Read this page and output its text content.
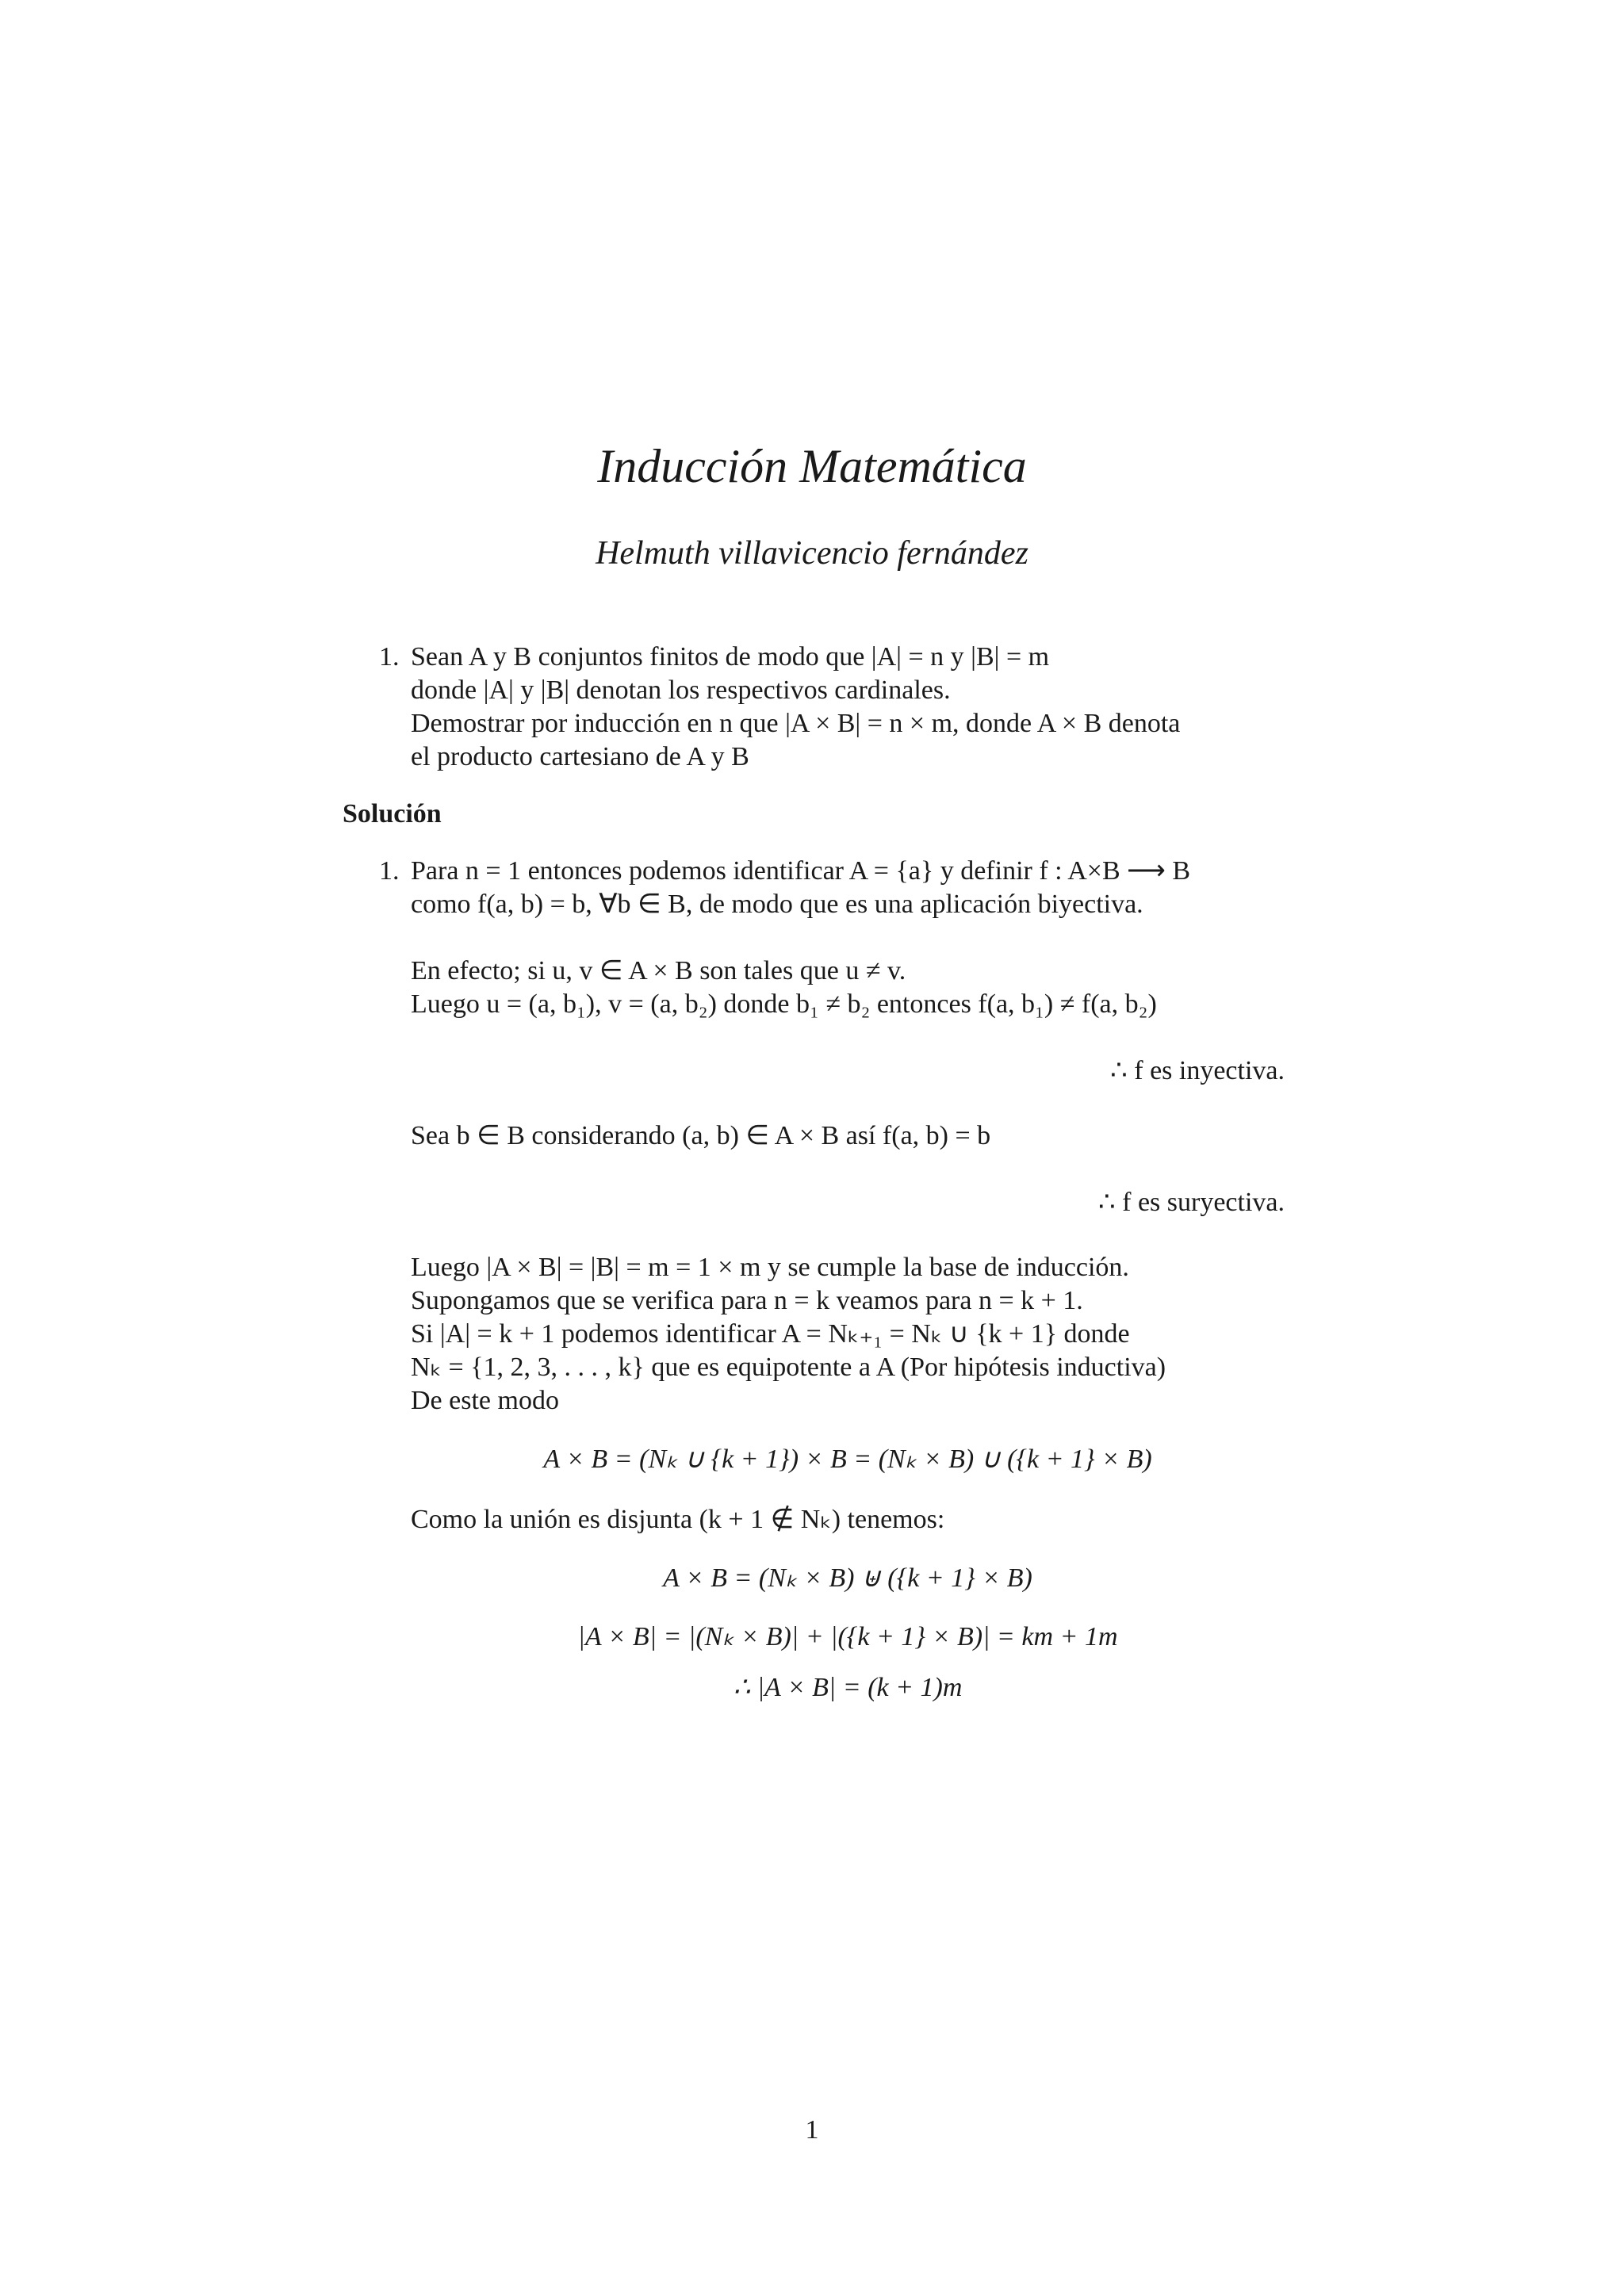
Inducción Matemática
Helmuth villavicencio fernández
1. Sean A y B conjuntos finitos de modo que |A| = n y |B| = m
donde |A| y |B| denotan los respectivos cardinales.
Demostrar por inducción en n que |A × B| = n × m, donde A × B denota
el producto cartesiano de A y B
Solución
1. Para n = 1 entonces podemos identificar A = {a} y definir f : A×B ⟶ B
como f(a, b) = b, ∀b ∈ B, de modo que es una aplicación biyectiva.
En efecto; si u, v ∈ A × B son tales que u ≠ v.
Luego u = (a, b₁), v = (a, b₂) donde b₁ ≠ b₂ entonces f(a, b₁) ≠ f(a, b₂)
∴ f es inyectiva.
Sea b ∈ B considerando (a, b) ∈ A × B así f(a, b) = b
∴ f es suryectiva.
Luego |A × B| = |B| = m = 1 × m y se cumple la base de inducción.
Supongamos que se verifica para n = k veamos para n = k + 1.
Si |A| = k + 1 podemos identificar A = Nₖ₊₁ = Nₖ ∪ {k + 1} donde
Nₖ = {1, 2, 3, . . . , k} que es equipotente a A (Por hipótesis inductiva)
De este modo
A × B = (Nₖ ∪ {k + 1}) × B = (Nₖ × B) ∪ ({k + 1} × B)
Como la unión es disjunta (k + 1 ∉ Nₖ) tenemos:
A × B = (Nₖ × B) ⊎ ({k + 1} × B)
|A × B| = |(Nₖ × B)| + |({k + 1} × B)| = km + 1m
∴ |A × B| = (k + 1)m
1
